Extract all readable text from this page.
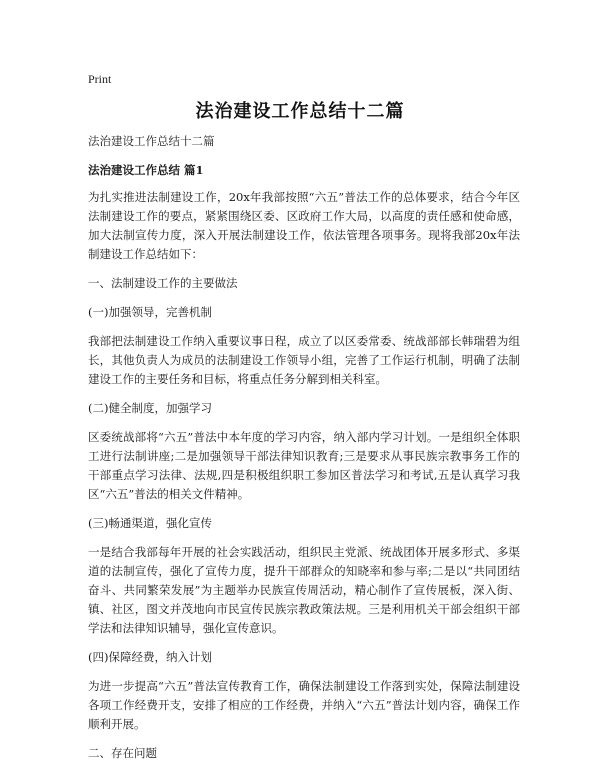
Print
法治建设工作总结十二篇

法治建设工作总结十二篇

法治建设工作总结 篇1

为扎实推进法制建设工作，20x年我部按照“六五”普法工作的总体要求，结合今年区法制建设工作的要点，紧紧围绕区委、区政府工作大局，以高度的责任感和使命感，加大法制宣传力度，深入开展法制建设工作，依法管理各项事务。现将我部20x年法制建设工作总结如下：

一、法制建设工作的主要做法

(一)加强领导，完善机制

我部把法制建设工作纳入重要议事日程，成立了以区委常委、统战部部长韩瑞碧为组长，其他负责人为成员的法制建设工作领导小组，完善了工作运行机制，明确了法制建设工作的主要任务和目标，将重点任务分解到相关科室。

(二)健全制度，加强学习

区委统战部将“六五”普法中本年度的学习内容，纳入部内学习计划。一是组织全体职工进行法制讲座;二是加强领导干部法律知识教育;三是要求从事民族宗教事务工作的干部重点学习法律、法规,四是积极组织职工参加区普法学习和考试,五是认真学习我区“六五”普法的相关文件精神。

(三)畅通渠道，强化宣传

一是结合我部每年开展的社会实践活动，组织民主党派、统战团体开展多形式、多渠道的法制宣传，强化了宣传力度，提升干部群众的知晓率和参与率;二是以“共同团结奋斗、共同繁荣发展”为主题举办民族宣传周活动，精心制作了宣传展板，深入街、镇、社区，图文并茂地向市民宣传民族宗教政策法规。三是利用机关干部会组织干部学法和法律知识辅导，强化宣传意识。

(四)保障经费，纳入计划

为进一步提高“六五”普法宣传教育工作，确保法制建设工作落到实处，保障法制建设各项工作经费开支，安排了相应的工作经费，并纳入“六五”普法计划内容，确保工作顺利开展。

二、存在问题
